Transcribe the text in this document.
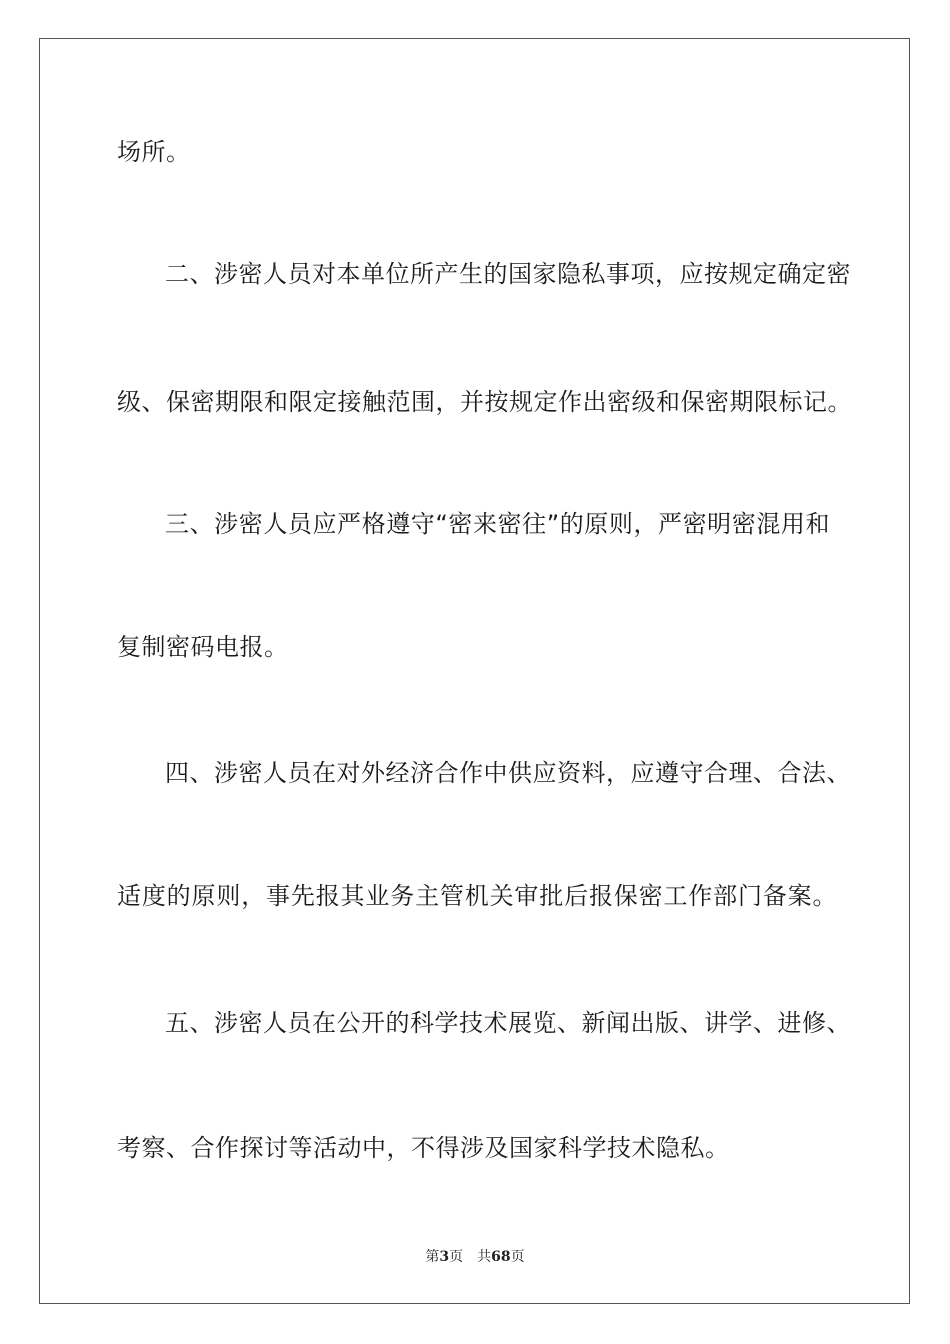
场所。
二、涉密人员对本单位所产生的国家隐私事项，应按规定确定密
级、保密期限和限定接触范围，并按规定作出密级和保密期限标记。
三、涉密人员应严格遵守“密来密往”的原则，严密明密混用和
复制密码电报。
四、涉密人员在对外经济合作中供应资料，应遵守合理、合法、
适度的原则，事先报其业务主管机关审批后报保密工作部门备案。
五、涉密人员在公开的科学技术展览、新闻出版、讲学、进修、
考察、合作探讨等活动中，不得涉及国家科学技术隐私。
第3页 共68页
